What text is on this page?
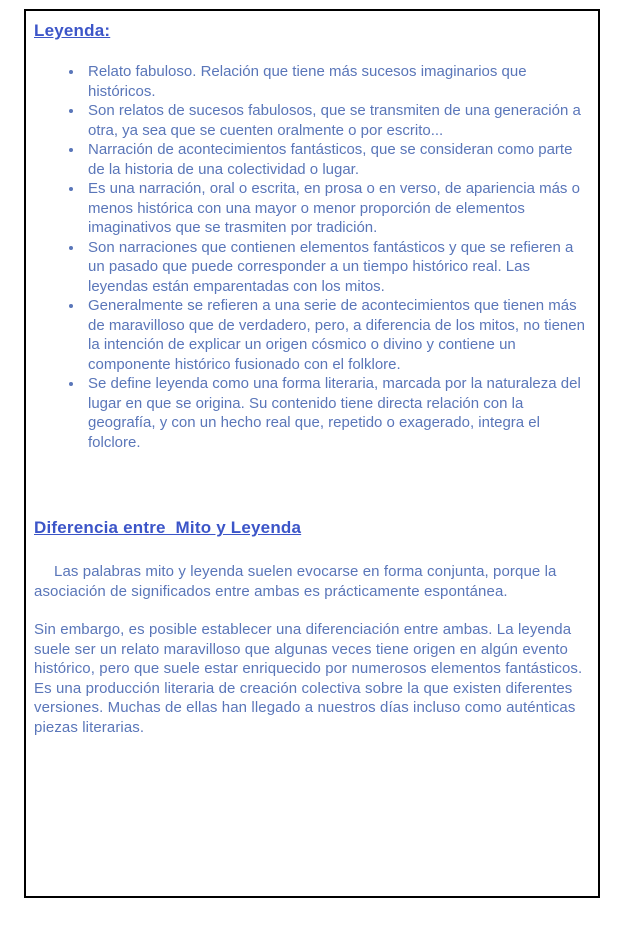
Leyenda:
• Relato fabuloso. Relación que tiene más sucesos imaginarios que históricos.
• Son relatos de sucesos fabulosos, que se transmiten de una generación a otra, ya sea que se cuenten oralmente o por escrito...
• Narración de acontecimientos fantásticos, que se consideran como parte de la historia de una colectividad o lugar.
• Es una narración, oral o escrita, en prosa o en verso, de apariencia más o menos histórica con una mayor o menor proporción de elementos imaginativos que se trasmiten por tradición.
• Son narraciones que contienen elementos fantásticos y que se refieren a un pasado que puede corresponder a un tiempo histórico real. Las leyendas están emparentadas con los mitos.
• Generalmente se refieren a una serie de acontecimientos que tienen más de maravilloso que de verdadero, pero, a diferencia de los mitos, no tienen la intención de explicar un origen cósmico o divino y contiene un componente histórico fusionado con el folklore.
• Se define leyenda como una forma literaria, marcada por la naturaleza del lugar en que se origina. Su contenido tiene directa relación con la geografía, y con un hecho real que, repetido o exagerado, integra el folclore.
Diferencia entre  Mito y Leyenda

Las palabras mito y leyenda suelen evocarse en forma conjunta, porque la asociación de significados entre ambas es prácticamente espontánea.

Sin embargo, es posible establecer una diferenciación entre ambas. La leyenda suele ser un relato maravilloso que algunas veces tiene origen en algún evento histórico, pero que suele estar enriquecido por numerosos elementos fantásticos. Es una producción literaria de creación colectiva sobre la que existen diferentes versiones. Muchas de ellas han llegado a nuestros días incluso como auténticas piezas literarias.
